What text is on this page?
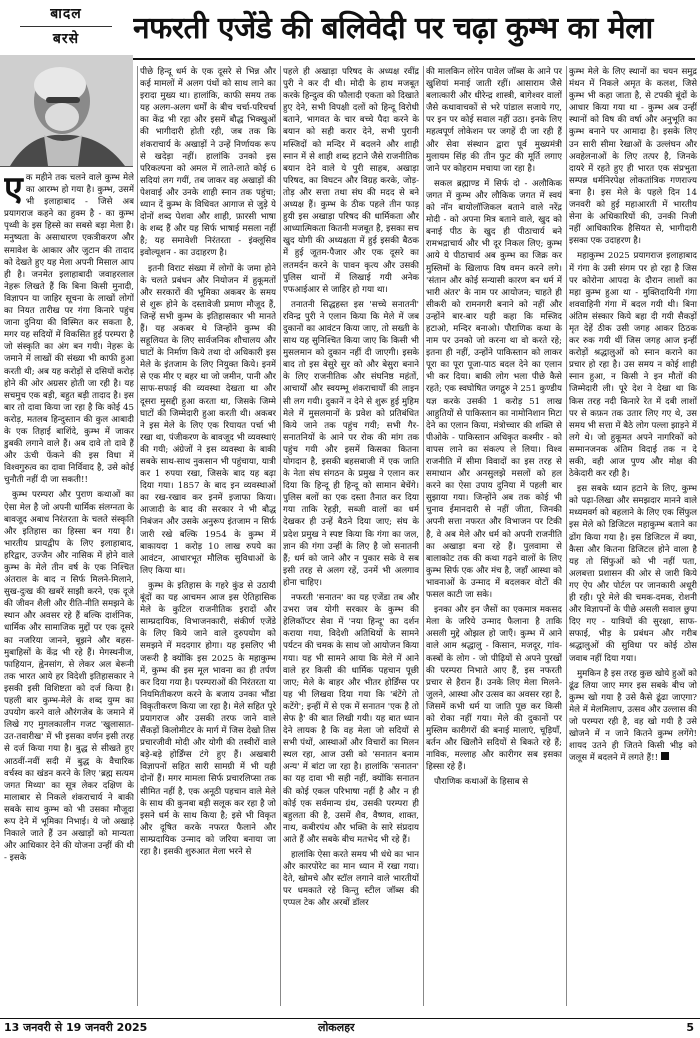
बादल
बरसे	नफरती एजेंडे की बलिवेदी पर चढ़ा कुम्भ का मेला

एक महीने तक चलने वाले कुम्भ मेले का आरम्भ हो गया है। कुम्भ, उसमें भी इलाहाबाद - जिसे अब प्रयागराज कहने का हुक्म है - का कुम्भ पृथ्वी के इस हिस्से का सबसे बड़ा मेला है। मनुष्यता के असाधारण एकत्रीकरण और समावेश के आकार और जुटान की तादाद को देखते हुए यह मेला अपनी मिसाल आप ही है। जनमेत इलाहाबादी जवाहरलाल नेहरू लिखते हैं कि बिना किसी मुनादी, विज्ञापन या जाहिर सूचना के लाखों लोगों का नियत तारीख पर गंगा किनारे पहुंच जाना दुनिया की विस्मित कर सकता है, मगर यह सदियों में विकसित हुई परम्परा है जो संस्कृति का अंग बन गयी। नेहरू के जमाने में लाखों की संख्या भी काफी हुआ करती थी; अब यह करोड़ों से दसियों करोड़ होने की ओर अग्रसर होती जा रही है। यह सचमुच एक बड़ी, बहुत बड़ी तादाद है। इस बार तो दावा किया जा रहा है कि कोई 45 करोड़, मतलब हिन्दुस्तान की कुल आबादी के एक तिहाई बाशिंदे, कुम्भ में जाकर डुबकी लगाने वाले हैं। अब दावे तो दावे हैं और ऊंची फेंकने की इस विधा में विश्वगुरुत्व का दावा निर्विवाद है, उसे कोई चुनौती नहीं दी जा सकती!!

कुम्भ परम्परा और पुराण कथाओं का ऐसा मेल है जो अपनी धार्मिक संलग्नता के बावजूद अबाध निरंतरता के चलते संस्कृति और इतिहास का हिस्सा बन गया है। भारतीय प्रायद्वीप के लिए इलाहाबाद, हरिद्वार, उज्जैन और नासिक में होने वाले कुम्भ के मेले तीन वर्ष के एक निश्चित अंतराल के बाद न सिर्फ मिलने-मिलाने, सुख-दुःख की खबरें साझी करने, एक दूजे की जीवन शैली और रीति-नीति समझने के स्थान और अवसर रहे हैं बल्कि दार्शनिक, धार्मिक और सामाजिक मुद्दों पर एक दूसरे का नजरिया जानने, बूझने और बहस-मुबाहिसों के केंद्र भी रहे हैं। मेगस्थनीज, फाहियान, ह्वेनसांग, से लेकर अल बेरूनी तक भारत आये हर विदेशी इतिहासकार ने इसकी इसी विशिष्टता को दर्ज किया है। पहली बार कुम्भ-मेले के शब्द युग्म का उपयोग करने वाले औरंगजेब के जमाने में लिखे गए मुगलकालीन गजट 'खुलासात-उत-तवारीख' में भी इसका वर्णन इसी तरह से दर्ज किया गया है। बुद्ध से सीखते हुए आठवीं-नवीं सदी में बुद्ध के वैचारिक वर्चस्व का खंडन करने के लिए 'ब्रह्म सत्यम जगत मिथ्या' का सूत्र लेकर दक्षिण के मालाबार से निकले शंकराचार्य ने बाकी सबके साथ कुम्भ को भी उसका मौजूदा रूप देने में भूमिका निभाई। ये जो अखाड़े निकाले जाते हैं उन अखाड़ों को मान्यता और आधिकार देने की योजना उन्हीं की थी - इसके

पीछे हिन्दू धर्म के एक दूसरे से भिन्न और कई मामलों में अलग पंथों को साथ लाने का इरादा मुख्य था। हालांकि, काफी समय तक यह अलग-अलग धर्मों के बीच चर्चा-परिचर्चा का केंद्र भी रहा और इसमें बौद्ध भिक्खुओं की भागीदारी होती रही, जब तक कि शंकराचार्य के अखाड़ों ने उन्हें निर्णायक रूप से खदेड़ा नहीं। हालांकि उनको इस परिकल्पना को अमल में लाते-लाते कोई 6 सदियां लग गयीं, तब जाकर वह अखाड़ों की पेशवाई और उनके शाही स्नान तक पहुंचा; ध्यान दें कुम्भ के विधिवत आगाज से जुड़े ये दोनों शब्द पेशवा और शाही, फ़ारसी भाषा के शब्द हैं और यह सिर्फ भाषाई मसला नहीं है; यह समावेशी निरंतरता - इंक्लूसिव इवोल्यूशन - का उदाहरण है।

इतनी विराट संख्या में लोगों के जमा होने के चलते प्रबंधन और नियोजन में हुकूमतों और सरकारों की भूमिका अकबर के समय से शुरू होने के दस्तावेजी प्रमाण मौजूद हैं, जिन्हें सभी कुम्भ के इतिहासकार भी मानते हैं। यह अकबर थे जिन्होंने कुम्भ की सहूलियत के लिए सार्वजनिक शौचालय और घाटों के निर्माण किये तथा दो अधिकारी इस मेले के इंतजाम के लिए नियुक्त किये। इनमें से एक मीर ए बहर था जो जमीन, पानी और साफ-सफाई की व्यवस्था देखता था और दूसरा मुसद्दी हुआ करता था, जिसके जिम्मे घाटों की जिम्मेदारी हुआ करती थी। अकबर ने इस मेले के लिए एक रियायत पर्चा भी रखा था, पंजीकरण के बावजूद भी व्यवस्थाएं की गयी; अंग्रेजों ने इस व्यवस्था के बाकी सबके साथ-साथ नुकसान भी पहुंचाया, यात्री कर 1 रुपया रखा, जिसके बाद यह बढ़ा दिया गया। 1857 के बाद इन व्यवस्थाओं का रख-रखाव कर इनमें इजाफा किया। आजादी के बाद की सरकार ने भी बौद्ध निबंजन और उसके अनुरूप इंतजाम न सिर्फ जारी रखे बल्कि 1954 के कुम्भ में बाकायदा 1 करोड़ 10 लाख रुपये का आवंटन, आधारभूत मौलिक सुविधाओं के लिए किया था।

कुम्भ के इतिहास के गहरे कुंड से उठायी बूंदों का यह आचमन आज इस ऐतिहासिक मेले के कुटिल राजनीतिक इरादों और साम्प्रदायिक, विभाजनकारी, संकीर्ण एजेंडे के लिए किये जाने वाले दुरुपयोग को समझने में मददगार होगा। यह इसलिए भी जरूरी है क्योंकि इस 2025 के महाकुम्भ में, कुम्भ की इस मूल भावना का ही तर्पण कर दिया गया है। परम्पराओं की निरंतरता या नियमितीकरण करने के बजाय उनका भौंडा विकृतीकरण किया जा रहा है। मेले सहित पूरे प्रयागराज और उसकी तरफ जाने वाले सैंकड़ों किलोमीटर के मार्ग में जिस देखो तिस प्रचारजीवी मोदी और योगी की तस्वीरों वाले बड़े-बड़े होर्डिंग्स टंगे हुए हैं। अखबारी विज्ञापनों सहित सारी सामग्री में भी यही दोनों हैं। मगर मामला सिर्फ प्रचारलिप्सा तक सीमित नहीं है, एक अनूठी पहचान वाले मेले के साथ की कुनबा बड़ी सलूक कर रहा है जो इसने धर्म के साथ किया है; इसे भी विकृत और दूषित करके नफरत फैलाने और साम्प्रदायिक उन्माद को जरिया बनाया जा रहा है। इसकी शुरुआत मेला भरने से

पहले ही अखाड़ा परिषद के अध्यक्ष रवींद्र पुरी ने कर दी थी। मोदी के हाथ मजबूत करके हिन्दुत्व की फौलादी एकता को दिखाते हुए देने, सभी विपक्षी दलों को हिन्दू विरोधी बताने, भागवत के चार बच्चे पैदा करने के बयान को सही करार देने, सभी पुरानी मस्जिदों को मन्दिर में बदलने और शाही स्नान में से शाही शब्द हटाने जैसे राजनीतिक बयान देने वाले ये पुरी साहब, अखाड़ा परिषद, का विघटन और विग्रह करके, जोड़-तोड़ और सत्ता तथा संघ की मदद से बने अध्यक्ष हैं। कुम्भ के ठीक पहले तीन फाड़ हुयी इस अखाड़ा परिषद की धार्मिकता और आध्यात्मिकता कितनी मजबूत है, इसका सच खुद योगी की अध्यक्षता में हुई इसकी बैठक में हुई जूतम-पैजार और एक दूसरे का लतमर्दन करने के पावन कृत्य और उसकी पुलिस थानों में लिखाई गयी अनेक एफआईआर से जाहिर हो गया था।

तनातनी सिद्धहस्त इस 'सच्चे सनातनी' रविन्द्र पुरी ने एलान किया कि मेले में जब दुकानों का आवंटन किया जाए, तो सख्ती के साथ यह सुनिश्चित किया जाए कि किसी भी मुसलमान को दुकान नहीं दी जाएगी। इसके बाद तो इस बेसुरे सुर को और बेसुरा बनाने के लिए राजनीतिक और संघनिष्ठ महंतों, आचार्यों और स्वयम्भू शंकराचार्यों की लाइन सी लग गयी। दुकानें न देने से शुरू हुई मुहिम मेले में मुसलमानों के प्रवेश को प्रतिबंधित किये जाने तक पहुंच गयी; सभी गैर-सनातनियों के आने पर रोक की मांग तक पहुंच गयी और इसमें किसका कितना योगदान है, इसकी बहसबाजी में एक जाति के नेता संघ संगठन के प्रमुख ने एलान कर दिया कि हिन्दू ही हिन्दू को सामान बेचेंगे। पुलिस बलों का एक दस्ता तैनात कर दिया गया ताकि रेहड़ी, सब्जी वालों का धर्म देखकर ही उन्हें बैठने दिया जाए; संघ के प्रदेश प्रमुख ने स्पष्ट किया कि गंगा का जल, ज्ञान की गंगा उन्हीं के लिए है जो सनातनी हैं; धर्म को जाने और न पुकार सके वे सब इसी तरह से अलग रहें, उनमें भी अलगाव होना चाहिए।

नफरती 'सनातन' का यह एजेंडा तब और उभरा जब योगी सरकार के कुम्भ की हेलिकॉप्टर सेवा में 'नया हिन्दू' का दर्शन कराया गया, विदेशी अतिथियों के सामने पर्यटन की चमक के साथ जो आयोजन किया गया। यह भी सामने आया कि मेले में आने वाले हर किसी की धार्मिक पहचान पूछी जाए; मेले के बाहर और भीतर होर्डिंग्स पर यह भी लिखवा दिया गया कि 'बंटेंगे तो कटेंगे'; इन्हीं में से एक में सनातन 'एक है तो सेफ है' की बात लिखी गयी। यह बात ध्यान देने लायक है कि वह मेला जो सदियों से सभी पंथों, आस्थाओं और विचारों का मिलन स्थल रहा, आज उसी को 'सनातन बनाम अन्य' में बांटा जा रहा है। हालांकि 'सनातन' का यह दावा भी सही नहीं, क्योंकि सनातन की कोई एकल परिभाषा नहीं है और न ही कोई एक सर्वमान्य ग्रंथ, उसकी परम्परा ही बहुलता की है, उसमें शैव, वैष्णव, शाक्त, नाथ, कबीरपंथ और भक्ति के सारे संप्रदाय आते हैं और सबके बीच मतभेद भी रहे हैं।

हालांकि ऐसा करते समय भी धंधे का भान और कारपोरेट का मान ध्यान में रखा गया। देते, खोमचे और स्टॉल लगाने वाले भारतीयों पर धमकाते रहे किन्तु स्टील जॉब्स की एप्पल टेक और अरबों डॉलर

की मालकिन लोरेन पावेल जॉब्स के आने पर खुशियां मनाई जाती रहीं। आसाराम जैसे बलात्कारी और धीरेन्द्र शास्त्री, बागेश्वर वालों जैसे कथावाचकों से भरे पांडाल सजाये गए, पर इन पर कोई सवाल नहीं उठा। इनके लिए महत्वपूर्ण लोकेशन पर जगहें दी जा रही हैं और सेवा संस्थान द्वारा पूर्व मुख्यमंत्री मुलायम सिंह की तीन फुट की मूर्ति लगाए जाने पर कोहराम मचाया जा रहा है।

सकल ब्रह्माण्ड में सिर्फ दो - अलौकिक जगत में कुम्भ और लौकिक जगत में स्वयं को नॉन बायोलॉजिकल बताने वाले नरेंद्र मोदी - को अपना मित्र बताने वाले, खुद को बनाई पीठ के खुद ही पीठाचार्य बने रामभद्राचार्य और भी दूर निकल लिए; कुम्भ आये ये पीठाचार्य अब कुम्भ का जिक्र कर मुस्लिमों के खिलाफ विष वमन करने लगे। 'संतान और कोई सन्यासी कारण बन धर्म में भारी अंतर' के नाम पर आयोजन; चाहते ही सीकरी को रामनगरी बनाने को नहीं और उन्होंने बार-बार यही कहा कि मस्जिद हटाओ, मन्दिर बनाओ। पौराणिक कथा के नाम पर उनको जो करना था वो करते रहे; इतना ही नहीं, उन्होंने पाकिस्तान को लाकर पूरा का पूरा पूजा-पाठ बदल देने का एलान भी कर दिया। बाकी लोग भला पीछे कैसे रहते; एक स्वघोषित जगद्गुरु ने 251 कुण्डीय यज्ञ करके उसकी 1 करोड़ 51 लाख आहुतियों से पाकिस्तान का नामोनिशान मिटा देने का एलान किया, मंत्रोच्चार की शक्ति से पीओके - पाकिस्तान अधिकृत कश्मीर - को वापस लाने का संकल्प ले लिया। विश्व राजनीति में सीमा विवादों का इस तरह से समाधान और अनसुलझे मसलों को हल करने का ऐसा उपाय दुनिया में पहली बार सुझाया गया। जिन्होंने अब तक कोई भी चुनाव ईमानदारी से नहीं जीता, जिनकी अपनी सत्ता नफरत और विभाजन पर टिकी है, वे अब मेले और धर्म को अपनी राजनीति का अखाड़ा बना रहे हैं। पुलवामा से बालाकोट तक की कथा गढ़ने वालों के लिए कुम्भ सिर्फ एक और मंच है, जहाँ आस्था को भावनाओं के उन्माद में बदलकर वोटों की फसल काटी जा सके।

इनका और इन जैसों का एकमात्र मकसद मेला के जरिये उन्माद फैलाना है ताकि असली मुद्दे ओझल हो जाएँ। कुम्भ में आने वाले आम श्रद्धालु - किसान, मजदूर, गांव-कस्बों के लोग - जो पीढ़ियों से अपने पुरखों की परम्परा निभाते आए हैं, इस नफरती प्रचार से हैरान हैं। उनके लिए मेला मिलने-जुलने, आस्था और उत्सव का अवसर रहा है, जिसमें कभी धर्म या जाति पूछ कर किसी को रोका नहीं गया। मेले की दुकानों पर मुस्लिम कारीगरों की बनाई मालाएं, चूड़ियाँ, बर्तन और खिलौने सदियों से बिकते रहे हैं; नाविक, मल्लाह और कारीगर सब इसका हिस्सा रहे हैं।

पौराणिक कथाओं के हिसाब से

कुम्भ मेले के लिए स्थानों का चयन समुद्र मंथन में निकले अमृत के कलश, जिसे कुम्भ भी कहा जाता है, से टपकी बूंदों के आधार किया गया था - कुम्भ अब उन्हीं स्थानों को विष की वर्षा और अनुभूति का कुम्भ बनाने पर आमादा है। इसके लिए उन सारी सीमा रेखाओं के उल्लंघन और अवहेलनाओं के लिए तत्पर है, जिनके दायरे में रहते हुए ही भारत एक संप्रभुता सम्पन्न धर्मनिरपेक्ष लोकतांत्रिक गणराज्य बना है। इस मेले के पहले दिन 14 जनवरी को हुई महाआरती में भारतीय सेना के अधिकारियों की, उनकी निजी नहीं आधिकारिक हैसियत से, भागीदारी इसका एक उदाहरण है।

महाकुम्भ 2025 प्रयागराज इलाहाबाद में गंगा के उसी संगम पर हो रहा है जिस पर कोरोना आपदा के दौरान लाशों का महा कुम्भ हुआ था - मुक्तिदायिनी गंगा शववाहिनी गंगा में बदल गयी थी। बिना अंतिम संस्कार किये बहा दी गयी सैकड़ों मृत देहें ठीक उसी जगह आकर ठिठक कर रुक गयी थीं जिस जगह आज इन्हीं करोड़ों श्रद्धालुओं को स्नान कराने का प्रचार हो रहा है। उस समय न कोई शाही स्नान हुआ, न किसी ने इन मौतों की जिम्मेदारी ली। पूरे देश ने देखा था कि किस तरह नदी किनारे रेत में दबी लाशों पर से कफ़न तक उतार लिए गए थे, उस समय भी सत्ता में बैठे लोग पल्ला झाड़ने में लगे थे। जो हुकूमत अपने नागरिकों को सम्मानजनक अंतिम विदाई तक न दे सकी, वही आज पुण्य और मोक्ष की ठेकेदारी कर रही है।

इस सबके ध्यान हटाने के लिए, कुम्भ को पढ़ा-लिखा और समझदार मानने वाले मध्यमवर्ग को बहलाने के लिए एक सिंफुल इस मेले को डिजिटल महाकुम्भ बताने का ढोंग किया गया है। इस डिजिटल में क्या, कैसा और कितना डिजिटल होने वाला है यह तो सिंफुओं को भी नहीं पता, अलबत्ता प्रशासन की ओर से जारी किये गए ऐप और पोर्टल पर जानकारी अधूरी ही रही। पूरे मेले की चमक-दमक, रोशनी और विज्ञापनों के पीछे असली सवाल छुपा दिए गए - यात्रियों की सुरक्षा, साफ-सफाई, भीड़ के प्रबंधन और गरीब श्रद्धालुओं की सुविधा पर कोई ठोस जवाब नहीं दिया गया।

मुमकिन है इस तरह कुछ खोये हुओं को ढूंढ लिया जाए मगर इस सबके बीच जो कुम्भ खो गया है उसे कैसे ढूंढा जाएगा? मेले में मेलमिलाप, उत्सव और उल्लास की जो परम्परा रही है, वह खो गयी है उसे खोजने में न जाने कितने कुम्भ लगेंगे! शायद उतने ही जितने किसी भीड़ को जलूस में बदलने में लगते हैं!!

13 जनवरी से 19 जनवरी 2025	लोकलहर	5
